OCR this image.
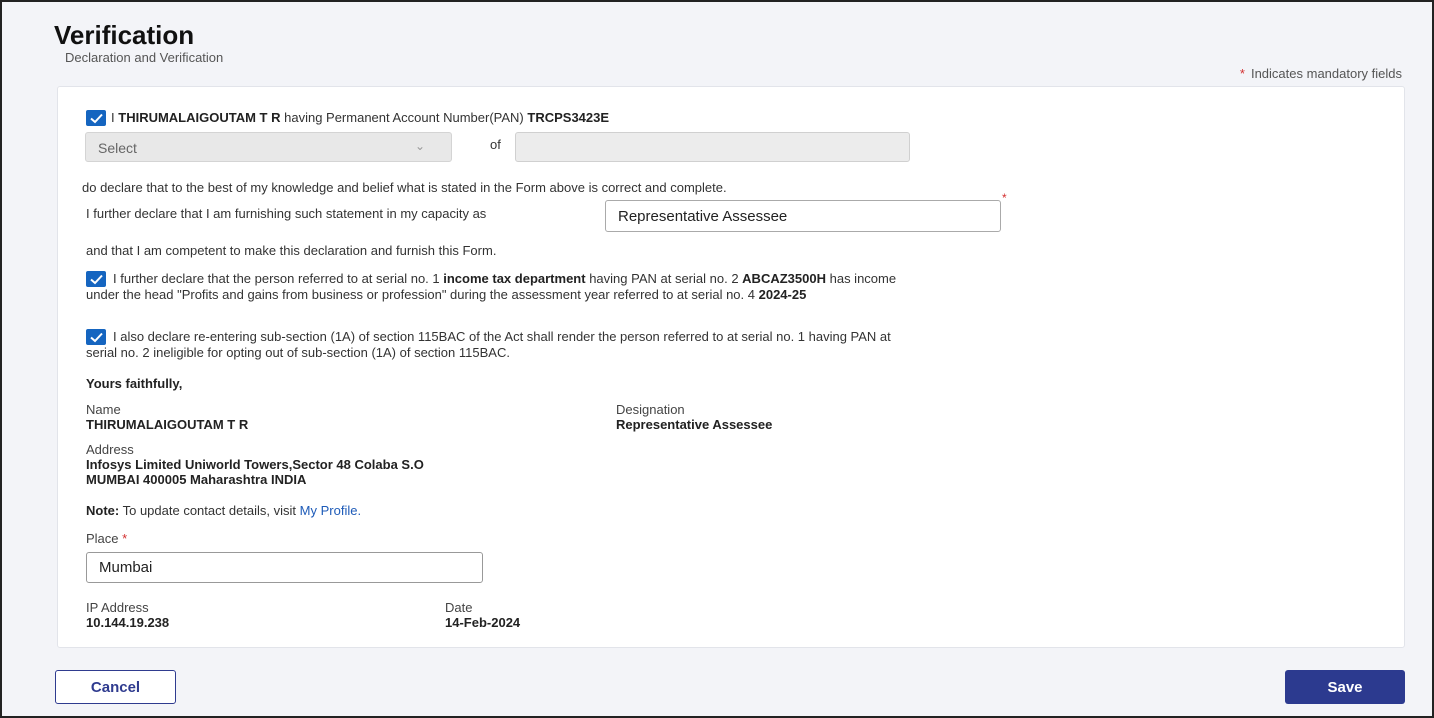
Verification
Declaration and Verification
* Indicates mandatory fields
I THIRUMALAIGOUTAM T R having Permanent Account Number(PAN) TRCPS3423E
Select	⌄	of
do declare that to the best of my knowledge and belief what is stated in the Form above is correct and complete.
I further declare that I am furnishing such statement in my capacity as	Representative Assessee
*
and that I am competent to make this declaration and furnish this Form.
I further declare that the person referred to at serial no. 1 income tax department having PAN at serial no. 2 ABCAZ3500H has income under the head "Profits and gains from business or profession" during the assessment year referred to at serial no. 4 2024-25
I also declare re-entering sub-section (1A) of section 115BAC of the Act shall render the person referred to at serial no. 1 having PAN at serial no. 2 ineligible for opting out of sub-section (1A) of section 115BAC.
Yours faithfully,
Name
THIRUMALAIGOUTAM T R
Designation
Representative Assessee
Address
Infosys Limited Uniworld Towers,Sector 48 Colaba S.O
MUMBAI 400005 Maharashtra INDIA
Note: To update contact details, visit My Profile.
Place *
Mumbai
IP Address
10.144.19.238
Date
14-Feb-2024
Cancel	Save
